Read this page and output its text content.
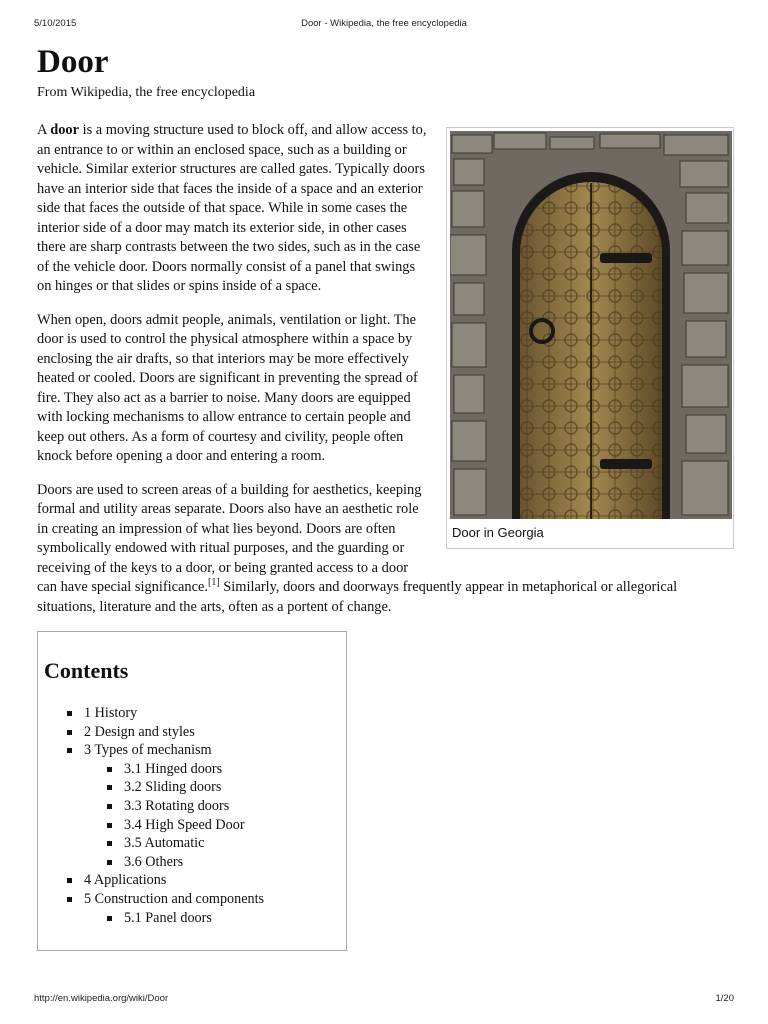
5/10/2015	Door - Wikipedia, the free encyclopedia
Door
From Wikipedia, the free encyclopedia
Door in Georgia

A door is a moving structure used to block off, and allow access to, an entrance to or within an enclosed space, such as a building or vehicle. Similar exterior structures are called gates. Typically doors have an interior side that faces the inside of a space and an exterior side that faces the outside of that space. While in some cases the interior side of a door may match its exterior side, in other cases there are sharp contrasts between the two sides, such as in the case of the vehicle door. Doors normally consist of a panel that swings on hinges or that slides or spins inside of a space.

When open, doors admit people, animals, ventilation or light. The door is used to control the physical atmosphere within a space by enclosing the air drafts, so that interiors may be more effectively heated or cooled. Doors are significant in preventing the spread of fire. They also act as a barrier to noise. Many doors are equipped with locking mechanisms to allow entrance to certain people and keep out others. As a form of courtesy and civility, people often knock before opening a door and entering a room.

Doors are used to screen areas of a building for aesthetics, keeping formal and utility areas separate. Doors also have an aesthetic role in creating an impression of what lies beyond. Doors are often symbolically endowed with ritual purposes, and the guarding or receiving of the keys to a door, or being granted access to a door can have special significance.[1] Similarly, doors and doorways frequently appear in metaphorical or allegorical situations, literature and the arts, often as a portent of change.

Contents
1 History
2 Design and styles
3 Types of mechanism
3.1 Hinged doors
3.2 Sliding doors
3.3 Rotating doors
3.4 High Speed Door
3.5 Automatic
3.6 Others
4 Applications
5 Construction and components
5.1 Panel doors
http://en.wikipedia.org/wiki/Door	1/20
